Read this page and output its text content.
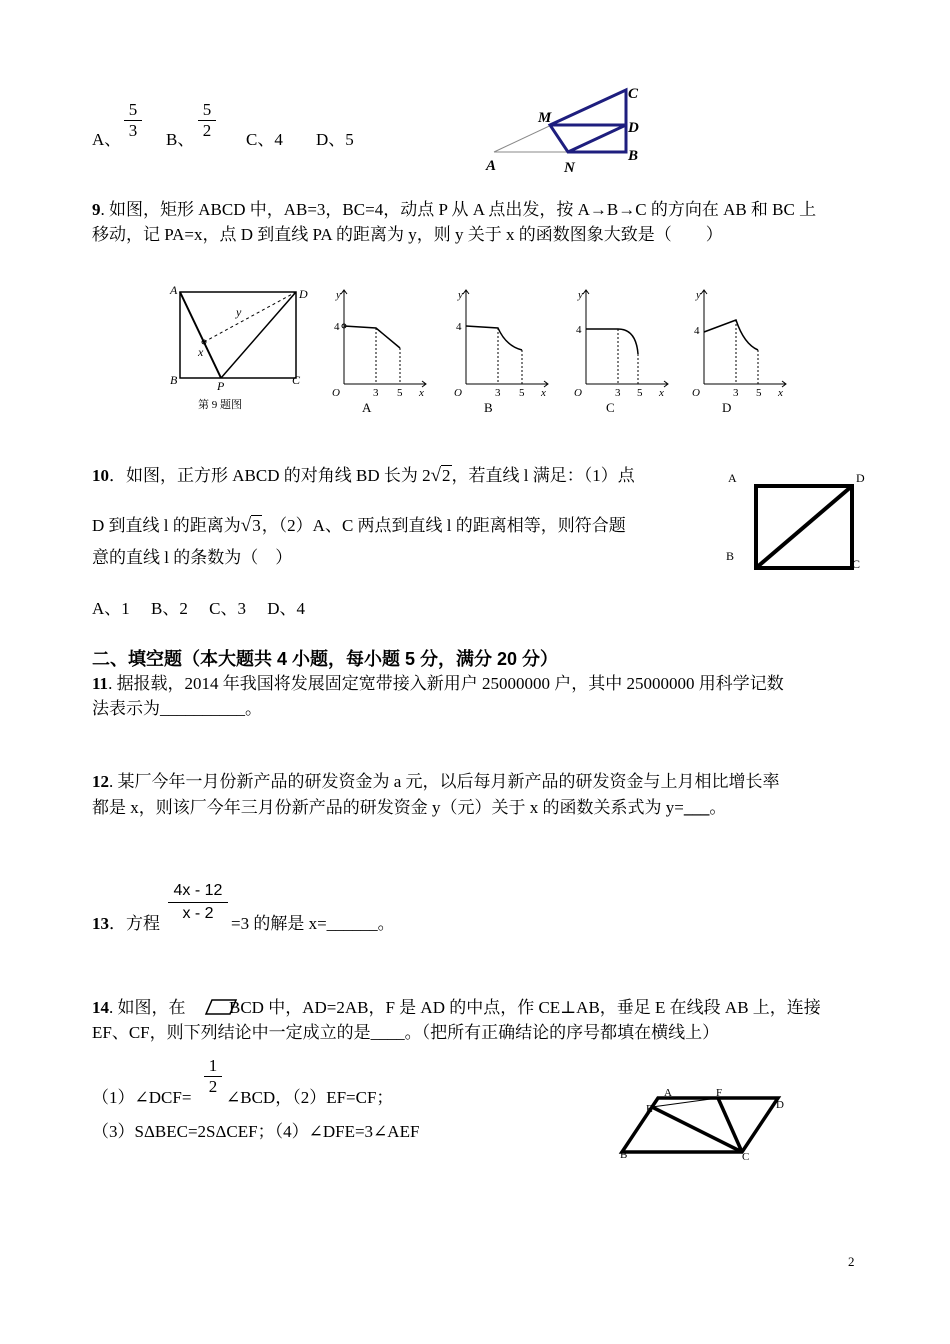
A、 $\frac{5}{3}$ B、 $\frac{5}{2}$ C、4 D、5
A
M
N
C
D
B
9. 如图，矩形 ABCD 中，AB=3，BC=4，动点 P 从 A 点出发，按 A→B→C 的方向在 AB 和 BC 上
移动，记 PA=x，点 D 到直线 PA 的距离为 y，则 y 关于 x 的函数图象大致是（　　）
A	D
B	P	C
x
y
第 9 题图
y
4
O	3 5 x
A
y
4
O	3 5 x
B
y
4
O	3 5 x
C
y
4
O	3 5 x
D
10．如图，正方形 ABCD 的对角线 BD 长为 2√2，若直线 l 满足：（1）点
D 到直线 l 的距离为√3，（2）A、C 两点到直线 l 的距离相等，则符合题
意的直线 l 的条数为（　）
A、1　 B、2　 C、3　 D、4
A	D
B
C
二、填空题（本大题共 4 小题，每小题 5 分，满分 20 分）
11. 据报载，2014 年我国将发展固定宽带接入新用户 25000000 户，其中 25000000 用科学记数
法表示为__________。
12. 某厂今年一月份新产品的研发资金为 a 元，以后每月新产品的研发资金与上月相比增长率
都是 x，则该厂今年三月份新产品的研发资金 y（元）关于 x 的函数关系式为 y=___。
13．方程 $\frac{4x - 12}{x - 2} =3$ 的解是 x=______。
14. 如图，在	BCD 中，AD=2AB，F 是 AD 的中点，作 CE⊥AB，垂足 E 在线段 AB 上，连接
EF、CF，则下列结论中一定成立的是____。（把所有正确结论的序号都填在横线上）
（1）∠DCF=
$\frac{1}{2}$
∠BCD，（2）EF=CF；
（3）SΔBEC=2SΔCEF；（4）∠DFE=3∠AEF
A	F
D
E
B	C
2
